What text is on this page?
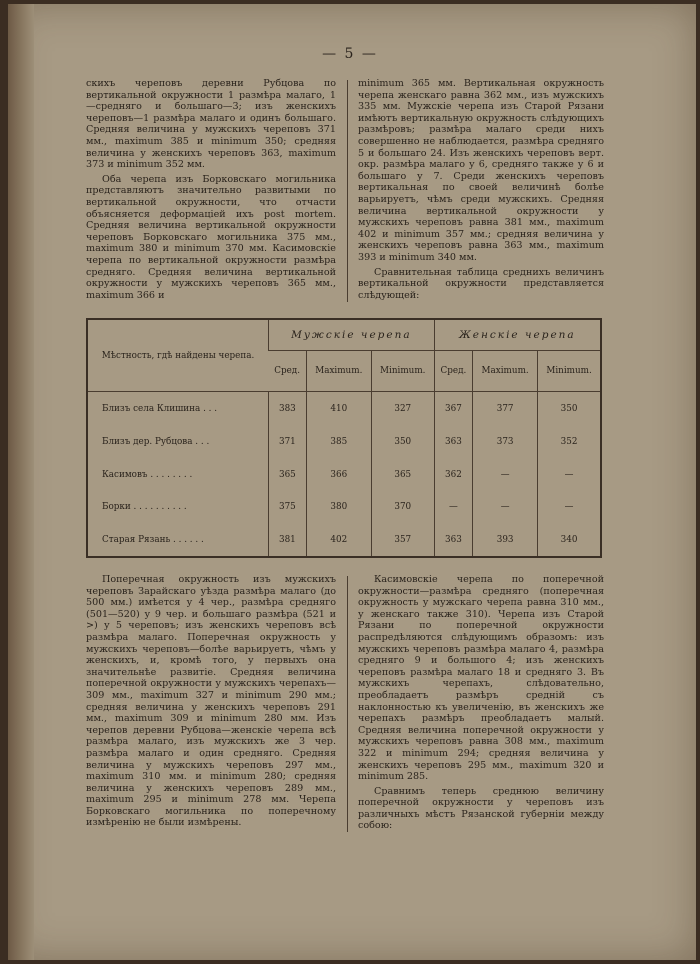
— 5 —

скихъ череповъ деревни Рубцова по вертикальной окружности 1 размѣра малаго, 1—средняго и большаго—3; изъ женскихъ череповъ—1 размѣра малаго и одинъ большаго. Средняя величина у мужскихъ череповъ 371 мм., maximum 385 и minimum 350; средняя величина у женскихъ череповъ 363, maximum 373 и minimum 352 мм.

Оба черепа изъ Борковскаго могильника представляютъ значительно развитыми по вертикальной окружности, что отчасти объясняется деформацiей ихъ post mortem. Средняя величина вертикальной окружности череповъ Борковскаго могильника 375 мм., maximum 380 и minimum 370 мм. Касимовскiе черепа по вертикальной окружности размѣра средняго. Средняя величина вертикальной окружности у мужскихъ череповъ 365 мм., maximum 366 и

minimum 365 мм. Вертикальная окружность черепа женскаго равна 362 мм., изъ мужскихъ 335 мм. Мужскiе черепа изъ Старой Рязани имѣютъ вертикальную окружность слѣдующихъ размѣровъ; размѣра малаго среди нихъ совершенно не наблюдается, размѣра средняго 5 и большаго 24. Изъ женскихъ череповъ верт. окр. размѣра малаго у 6, средняго также у 6 и большаго у 7. Среди женскихъ череповъ вертикальная по своей величинѣ болѣе варьируетъ, чѣмъ среди мужскихъ. Средняя величина вертикальной окружности у мужскихъ череповъ равна 381 мм., maximum 402 и minimum 357 мм.; средняя величина у женскихъ череповъ равна 363 мм., maximum 393 и minimum 340 мм.

Сравнительная таблица среднихъ величинъ вертикальной окружности представляется слѣдующей:

Мѣстность, гдѣ найдены черепа.	Мужскiе черепа			Женскiе черепа		
	Сред.	Maximum.	Minimum.	Сред.	Maximum.	Minimum.
Близъ села Клишина . . .	383	410	327	367	377	350
Близъ дер. Рубцова . . .	371	385	350	363	373	352
Касимовъ . . . . . . . .	365	366	365	362	—	—
Борки . . . . . . . . . .	375	380	370	—	—	—
Старая Рязань . . . . . .	381	402	357	363	393	340

Поперечная окружность изъ мужскихъ череповъ Зарайскаго уѣзда размѣра малаго (до 500 мм.) имѣется у 4 чер., размѣра средняго (501—520) у 9 чер. и большаго размѣра (521 и >) у 5 череповъ; изъ женскихъ череповъ всѣ размѣра малаго. Поперечная окружность у мужскихъ череповъ—болѣе варьируетъ, чѣмъ у женскихъ, и, кромѣ того, у первыхъ она значительнѣе развитiе. Средняя величина поперечной окружности у мужскихъ черепахъ—309 мм., maximum 327 и minimum 290 мм.; средняя величина у женскихъ череповъ 291 мм., maximum 309 и minimum 280 мм. Изъ черепов деревни Рубцова—женскiе черепа всѣ размѣра малаго, изъ мужскихъ же 3 чер. размѣра малаго и один средняго. Средняя величина у мужскихъ череповъ 297 мм., maximum 310 мм. и minimum 280; средняя величина у женскихъ череповъ 289 мм., maximum 295 и minimum 278 мм. Черепа Борковскаго могильника по поперечному измѣренiю не были измѣрены.

Касимовскiе черепа по поперечной окружности—размѣра средняго (поперечная окружность у мужскаго черепа равна 310 мм., у женскаго также 310). Черепа изъ Старой Рязани по поперечной окружности распредѣляются слѣдующимъ образомъ: изъ мужскихъ череповъ размѣра малаго 4, размѣра средняго 9 и большого 4; изъ женскихъ череповъ размѣра малаго 18 и средняго 3. Въ мужскихъ черепахъ, слѣдовательно, преобладаетъ размѣръ средній съ наклонностью къ увеличенiю, въ женскихъ же черепахъ размѣръ преобладаетъ малый. Средняя величина поперечной окружности у мужскихъ череповъ равна 308 мм., maximum 322 и minimum 294; средняя величина у женскихъ череповъ 295 мм., maximum 320 и minimum 285.

Сравнимъ теперь среднюю величину поперечной окружности у череповъ изъ различныхъ мѣстъ Рязанской губернiи между собою:
